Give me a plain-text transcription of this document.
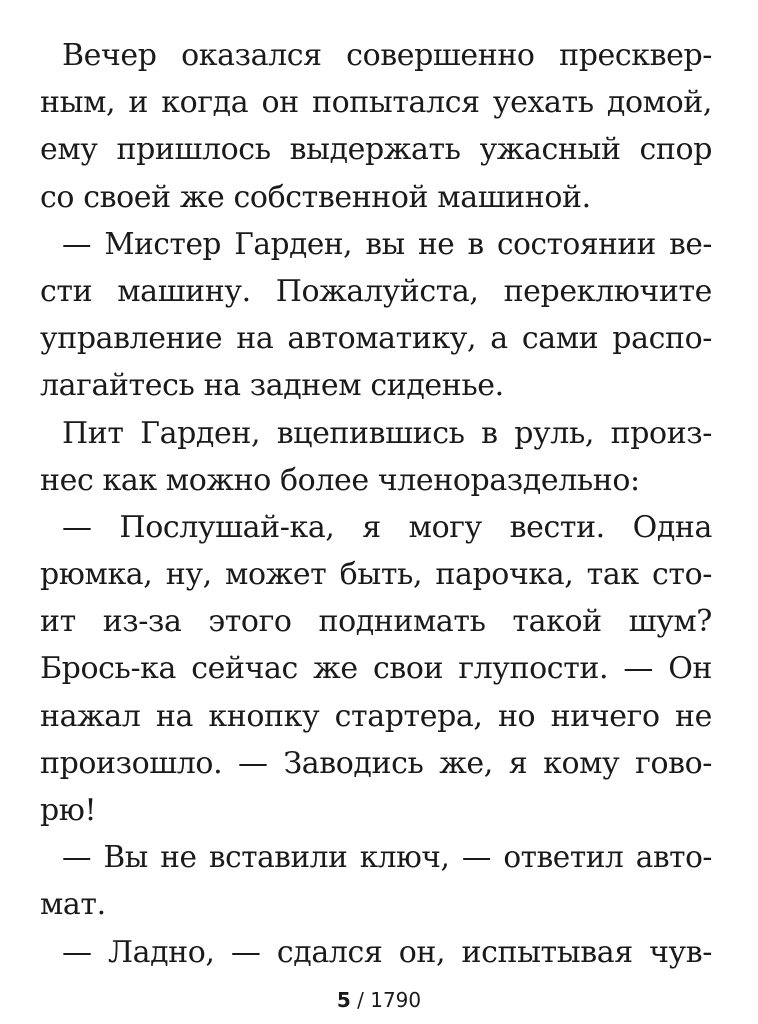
Вечер оказался совершенно пресквер-
ным, и когда он попытался уехать домой,
ему пришлось выдержать ужасный спор
со своей же собственной машиной.
— Мистер Гарден, вы не в состоянии ве-
сти машину. Пожалуйста, переключите
управление на автоматику, а сами распо-
лагайтесь на заднем сиденье.
Пит Гарден, вцепившись в руль, произ-
нес как можно более членораздельно:
— Послушай-ка, я могу вести. Одна
рюмка, ну, может быть, парочка, так сто-
ит из-за этого поднимать такой шум?
Брось-ка сейчас же свои глупости. — Он
нажал на кнопку стартера, но ничего не
произошло. — Заводись же, я кому гово-
рю!
— Вы не вставили ключ, — ответил авто-
мат.
— Ладно, — сдался он, испытывая чув-
5 / 1790
